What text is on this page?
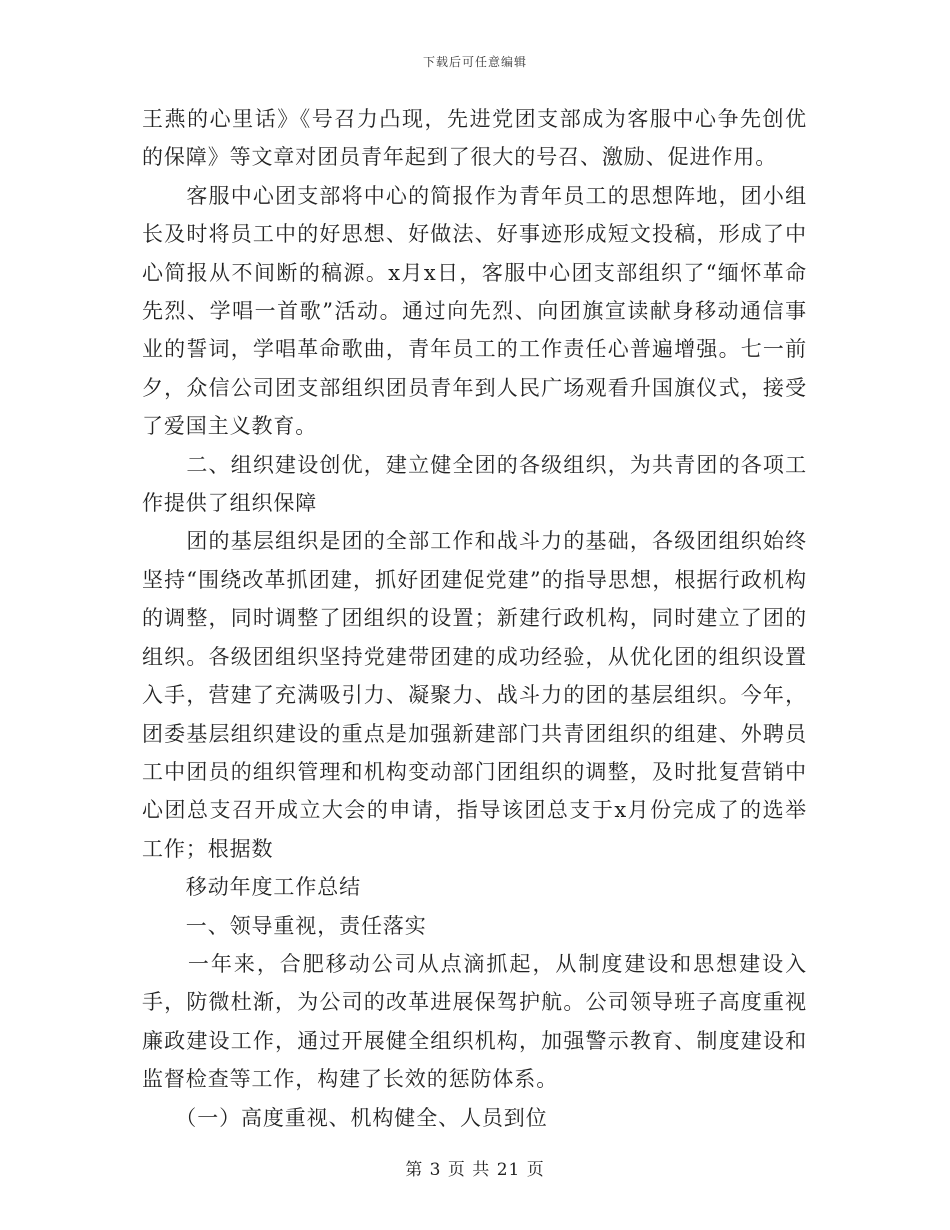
下载后可任意编辑

王燕的心里话》《号召力凸现，先进党团支部成为客服中心争先创优的保障》等文章对团员青年起到了很大的号召、激励、促进作用。

　　客服中心团支部将中心的简报作为青年员工的思想阵地，团小组长及时将员工中的好思想、好做法、好事迹形成短文投稿，形成了中心简报从不间断的稿源。x月x日，客服中心团支部组织了“缅怀革命先烈、学唱一首歌”活动。通过向先烈、向团旗宣读献身移动通信事业的誓词，学唱革命歌曲，青年员工的工作责任心普遍增强。七一前夕，众信公司团支部组织团员青年到人民广场观看升国旗仪式，接受了爱国主义教育。

　　二、组织建设创优，建立健全团的各级组织，为共青团的各项工作提供了组织保障

　　团的基层组织是团的全部工作和战斗力的基础，各级团组织始终坚持“围绕改革抓团建，抓好团建促党建”的指导思想，根据行政机构的调整，同时调整了团组织的设置；新建行政机构，同时建立了团的组织。各级团组织坚持党建带团建的成功经验，从优化团的组织设置入手，营建了充满吸引力、凝聚力、战斗力的团的基层组织。今年，团委基层组织建设的重点是加强新建部门共青团组织的组建、外聘员工中团员的组织管理和机构变动部门团组织的调整，及时批复营销中心团总支召开成立大会的申请，指导该团总支于x月份完成了的选举工作；根据数

　　移动年度工作总结

　　一、领导重视，责任落实

　　一年来，合肥移动公司从点滴抓起，从制度建设和思想建设入手，防微杜渐，为公司的改革进展保驾护航。公司领导班子高度重视廉政建设工作，通过开展健全组织机构，加强警示教育、制度建设和监督检查等工作，构建了长效的惩防体系。

　　（一）高度重视、机构健全、人员到位

第 3 页 共 21 页
